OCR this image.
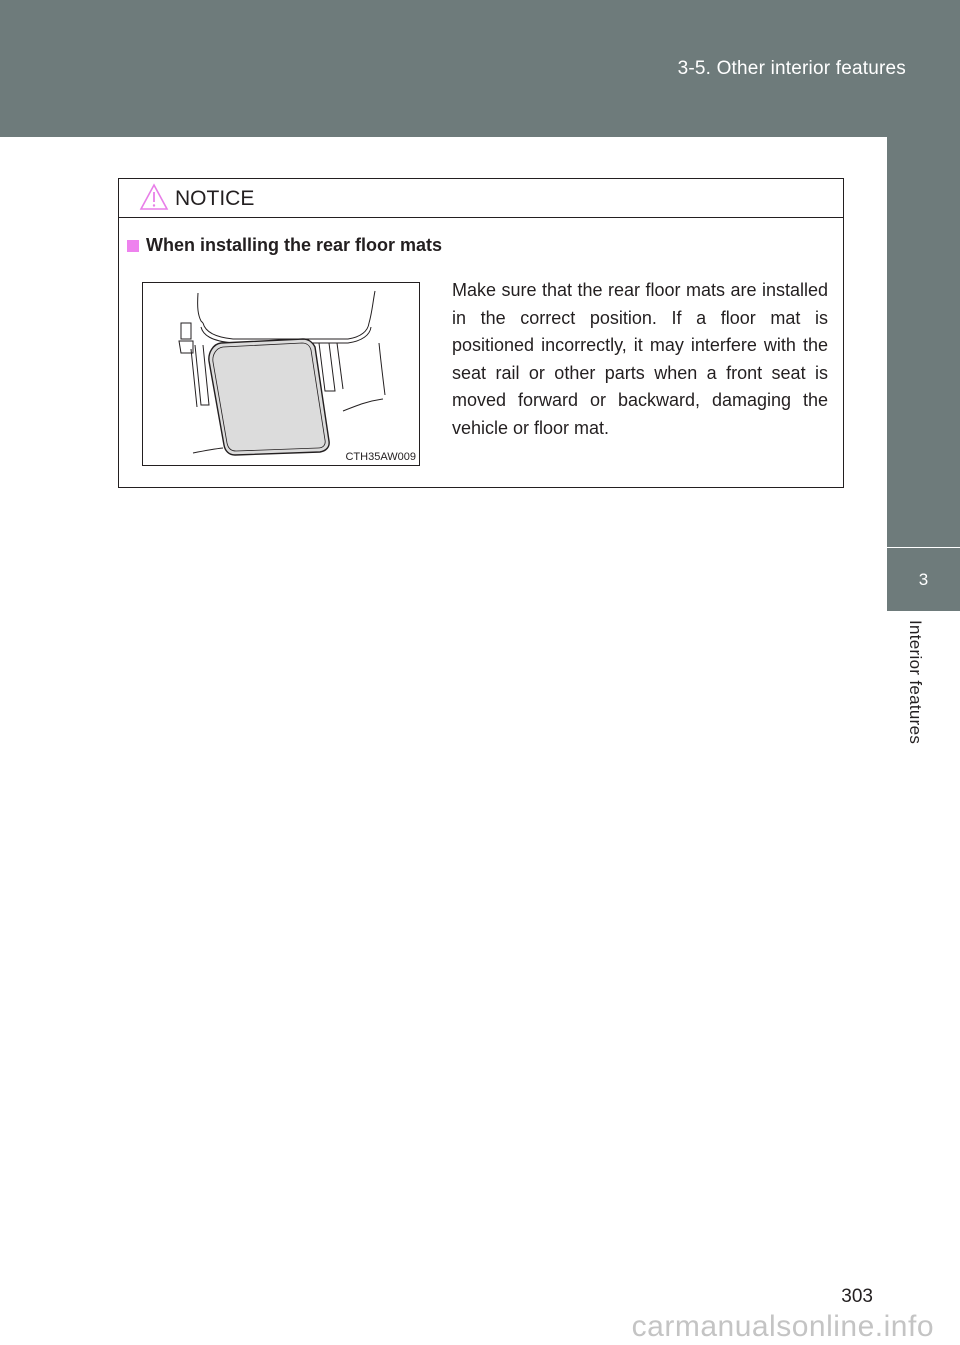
3-5. Other interior features
3
Interior features
NOTICE
When installing the rear floor mats
CTH35AW009
Make sure that the rear floor mats are installed in the correct position. If a floor mat is positioned incorrectly, it may interfere with the seat rail or other parts when a front seat is moved forward or backward, damaging the vehicle or floor mat.
303
carmanualsonline.info
